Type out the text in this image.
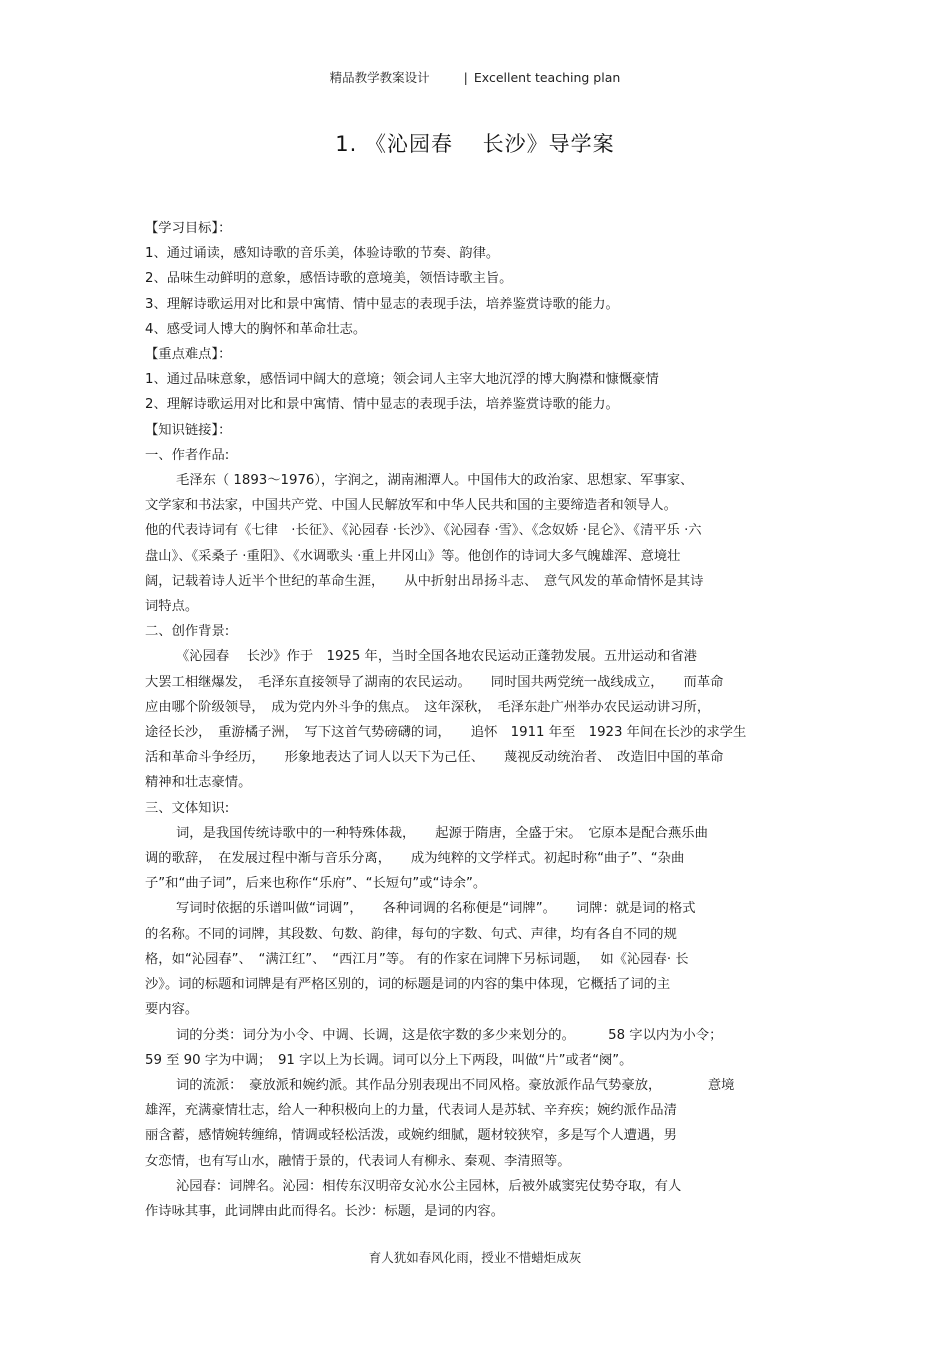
精品教学教案设计	| Excellent teaching plan
1. 《沁园春　 长沙》导学案

【学习目标】：

1、通过诵读，感知诗歌的音乐美，体验诗歌的节奏、韵律。

2、品味生动鲜明的意象，感悟诗歌的意境美，领悟诗歌主旨。

3、理解诗歌运用对比和景中寓情、情中显志的表现手法，培养鉴赏诗歌的能力。

4、感受词人博大的胸怀和革命壮志。

【重点难点】：

1、通过品味意象，感悟词中阔大的意境；领会词人主宰大地沉浮的博大胸襟和慷慨豪情

2、理解诗歌运用对比和景中寓情、情中显志的表现手法，培养鉴赏诗歌的能力。

【知识链接】：

一、作者作品:

毛泽东（ 1893～1976），字润之，湖南湘潭人。中国伟大的政治家、思想家、军事家、

文学家和书法家，中国共产党、中国人民解放军和中华人民共和国的主要缔造者和领导人。

他的代表诗词有《七律　·长征》、《沁园春 ·长沙》、《沁园春 ·雪》、《念奴娇 ·昆仑》、《清平乐 ·六

盘山》、《采桑子 ·重阳》、《水调歌头 ·重上井冈山》等。他创作的诗词大多气魄雄浑、意境壮

阔，记载着诗人近半个世纪的革命生涯，　　从中折射出昂扬斗志、　意气风发的革命情怀是其诗

词特点。

二、创作背景:

《沁园春　 长沙》作于　1925 年，当时全国各地农民运动正蓬勃发展。五卅运动和省港

大罢工相继爆发，　毛泽东直接领导了湖南的农民运动。　　同时国共两党统一战线成立，　　而革命

应由哪个阶级领导，　成为党内外斗争的焦点。　这年深秋，　毛泽东赴广州举办农民运动讲习所，

途径长沙，　重游橘子洲，　写下这首气势磅礴的词，　　追怀　1911 年至　1923 年间在长沙的求学生

活和革命斗争经历，　　形象地表达了词人以天下为己任、　　蔑视反动统治者、　改造旧中国的革命

精神和壮志豪情。

三、文体知识:

词，是我国传统诗歌中的一种特殊体裁，　　起源于隋唐，全盛于宋。　它原本是配合燕乐曲

调的歌辞，　在发展过程中渐与音乐分离，　　成为纯粹的文学样式。初起时称“曲子”、“杂曲

子”和“曲子词”，后来也称作“乐府”、“长短句”或“诗余”。

写词时依据的乐谱叫做“词调”，　　各种词调的名称便是“词牌”。　　词牌：就是词的格式

的名称。不同的词牌，其段数、句数、韵律，每句的字数、句式、声律，均有各自不同的规

格，如“沁园春”、　“满江红”、　“西江月”等。 有的作家在词牌下另标词题，　 如《沁园春· 长

沙》。词的标题和词牌是有严格区别的，词的标题是词的内容的集中体现，它概括了词的主

要内容。

词的分类：词分为小令、中调、长调，这是依字数的多少来划分的。　　　58 字以内为小令；

59 至 90 字为中调；　91 字以上为长调。词可以分上下两段，叫做“片”或者“阕”。

词的流派：　豪放派和婉约派。其作品分别表现出不同风格。豪放派作品气势豪放，　　　　意境

雄浑，充满豪情壮志，给人一种积极向上的力量，代表词人是苏轼、辛弃疾；婉约派作品清

丽含蓄，感情婉转缠绵，情调或轻松活泼，或婉约细腻，题材较狭窄，多是写个人遭遇，男

女恋情，也有写山水，融情于景的，代表词人有柳永、秦观、李清照等。

沁园春：词牌名。沁园：相传东汉明帝女沁水公主园林，后被外戚窦宪仗势夺取，有人

作诗咏其事，此词牌由此而得名。长沙：标题，是词的内容。

育人犹如春风化雨，授业不惜蜡炬成灰
